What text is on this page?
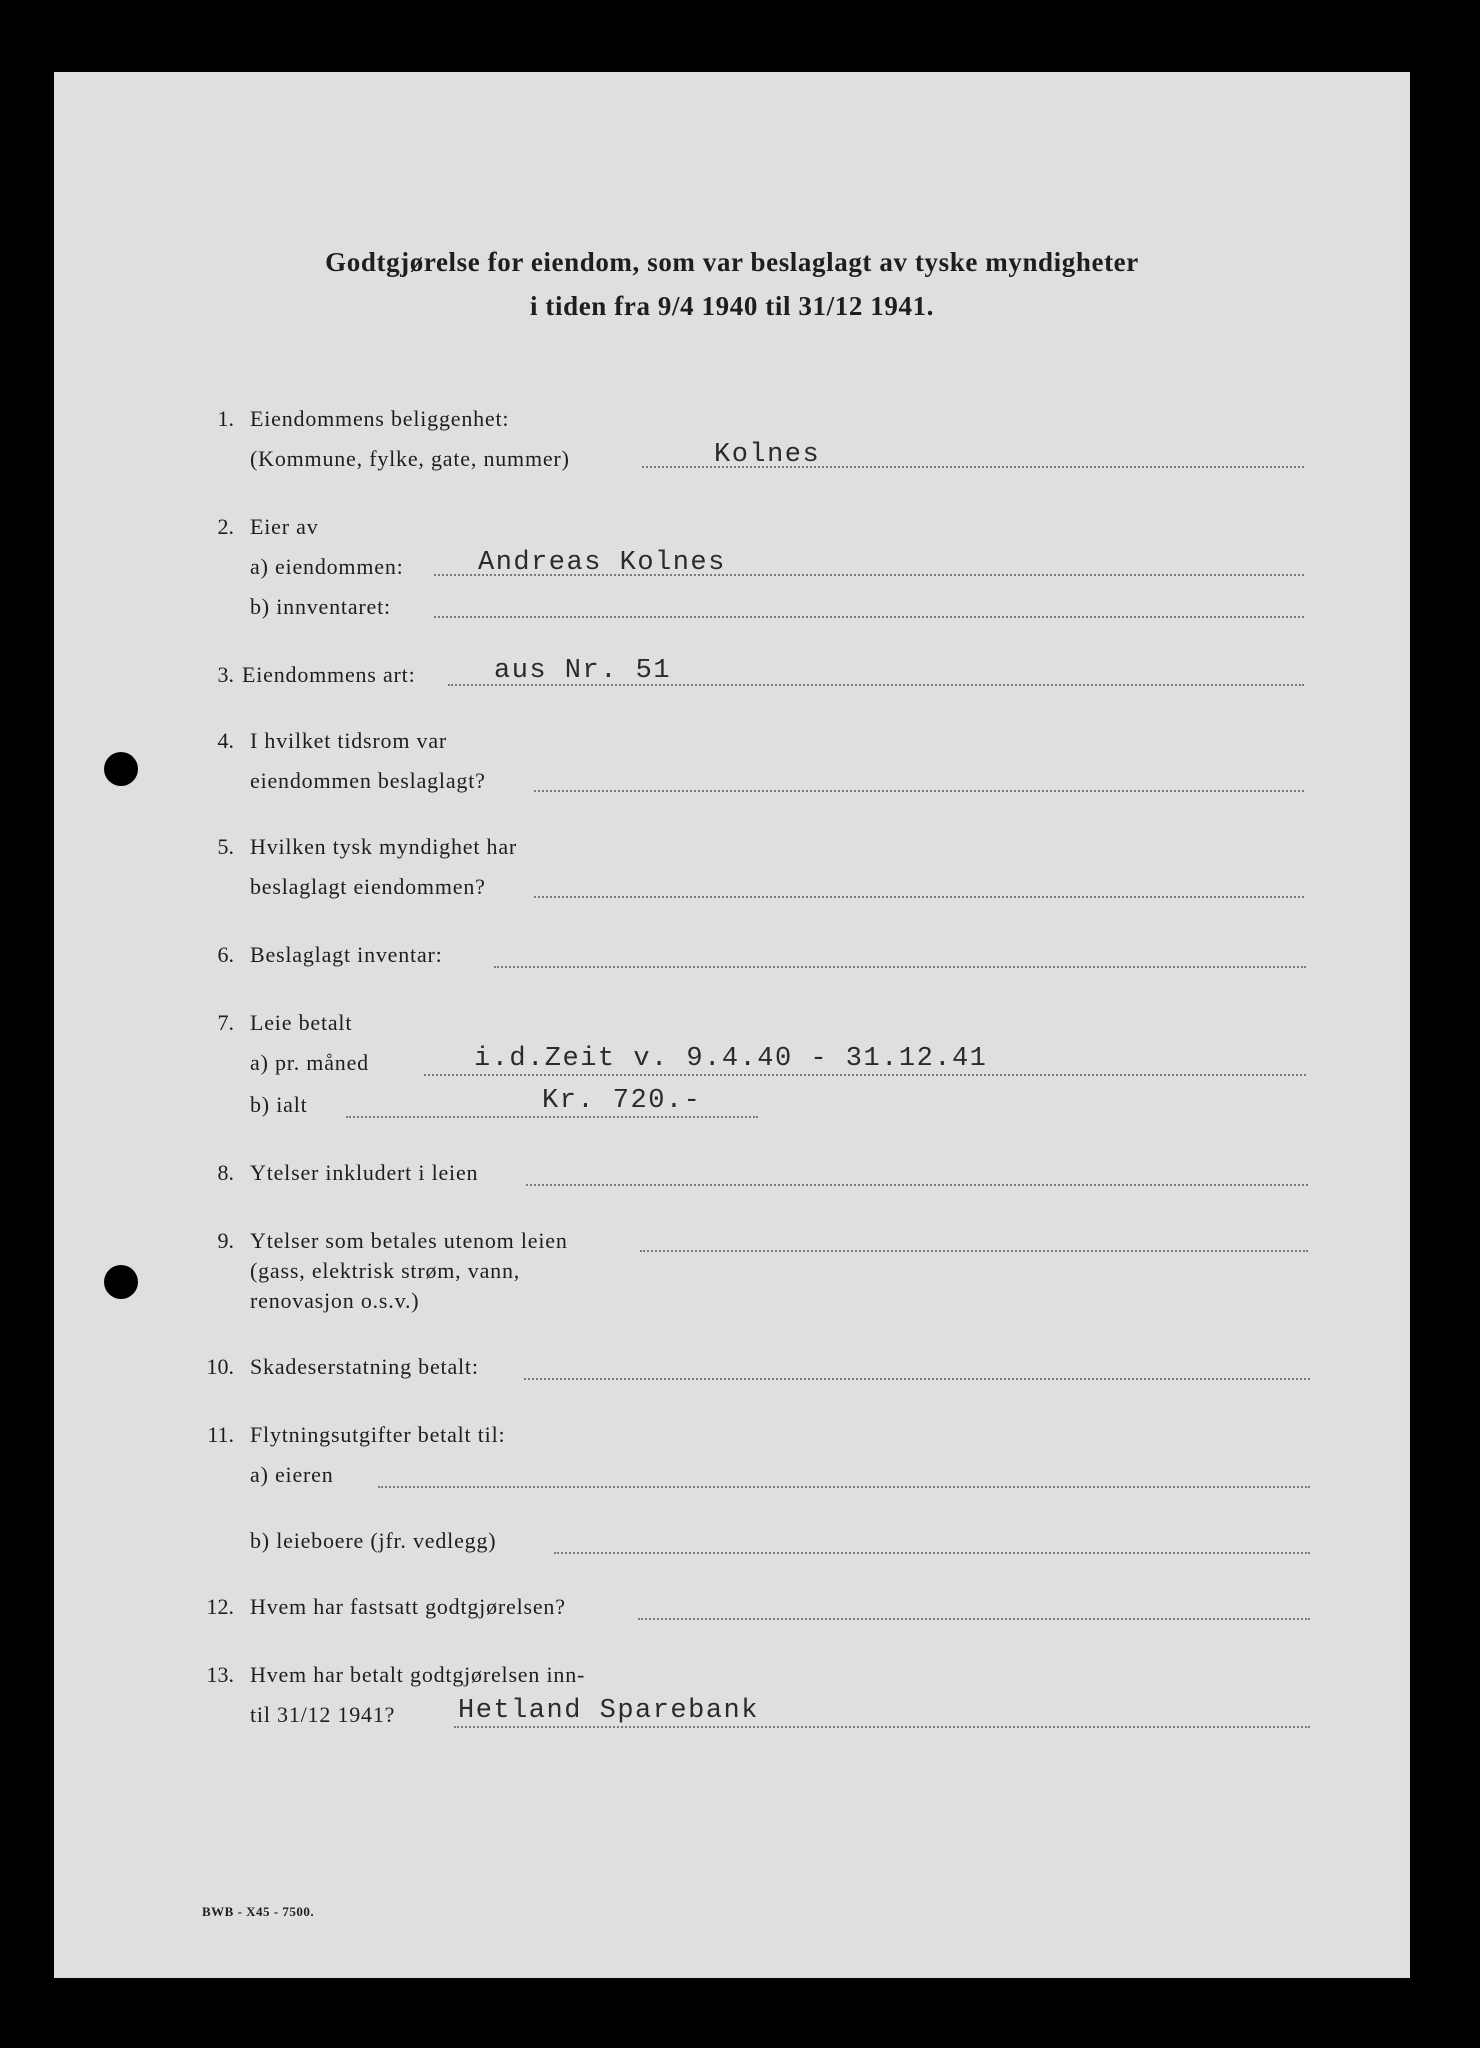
Godtgjørelse for eiendom, som var beslaglagt av tyske myndigheter
i tiden fra 9/4 1940 til 31/12 1941.
1. Eiendommens beliggenhet:
(Kommune, fylke, gate, nummer)	Kolnes
2. Eier av
a) eiendommen:	Andreas Kolnes
b) innventaret:
3. Eiendommens art:	aus Nr. 51
4. I hvilket tidsrom var
eiendommen beslaglagt?
5. Hvilken tysk myndighet har
beslaglagt eiendommen?
6. Beslaglagt inventar:
7. Leie betalt
a) pr. måned	i.d.Zeit v. 9.4.40 - 31.12.41
b) ialt	Kr. 720.-
8. Ytelser inkludert i leien
9. Ytelser som betales utenom leien
(gass, elektrisk strøm, vann,
renovasjon o.s.v.)
10. Skadeserstatning betalt:
11. Flytningsutgifter betalt til:
a) eieren
b) leieboere (jfr. vedlegg)
12. Hvem har fastsatt godtgjørelsen?
13. Hvem har betalt godtgjørelsen inn-
til 31/12 1941? Hetland Sparebank
BWB - X45 - 7500.
